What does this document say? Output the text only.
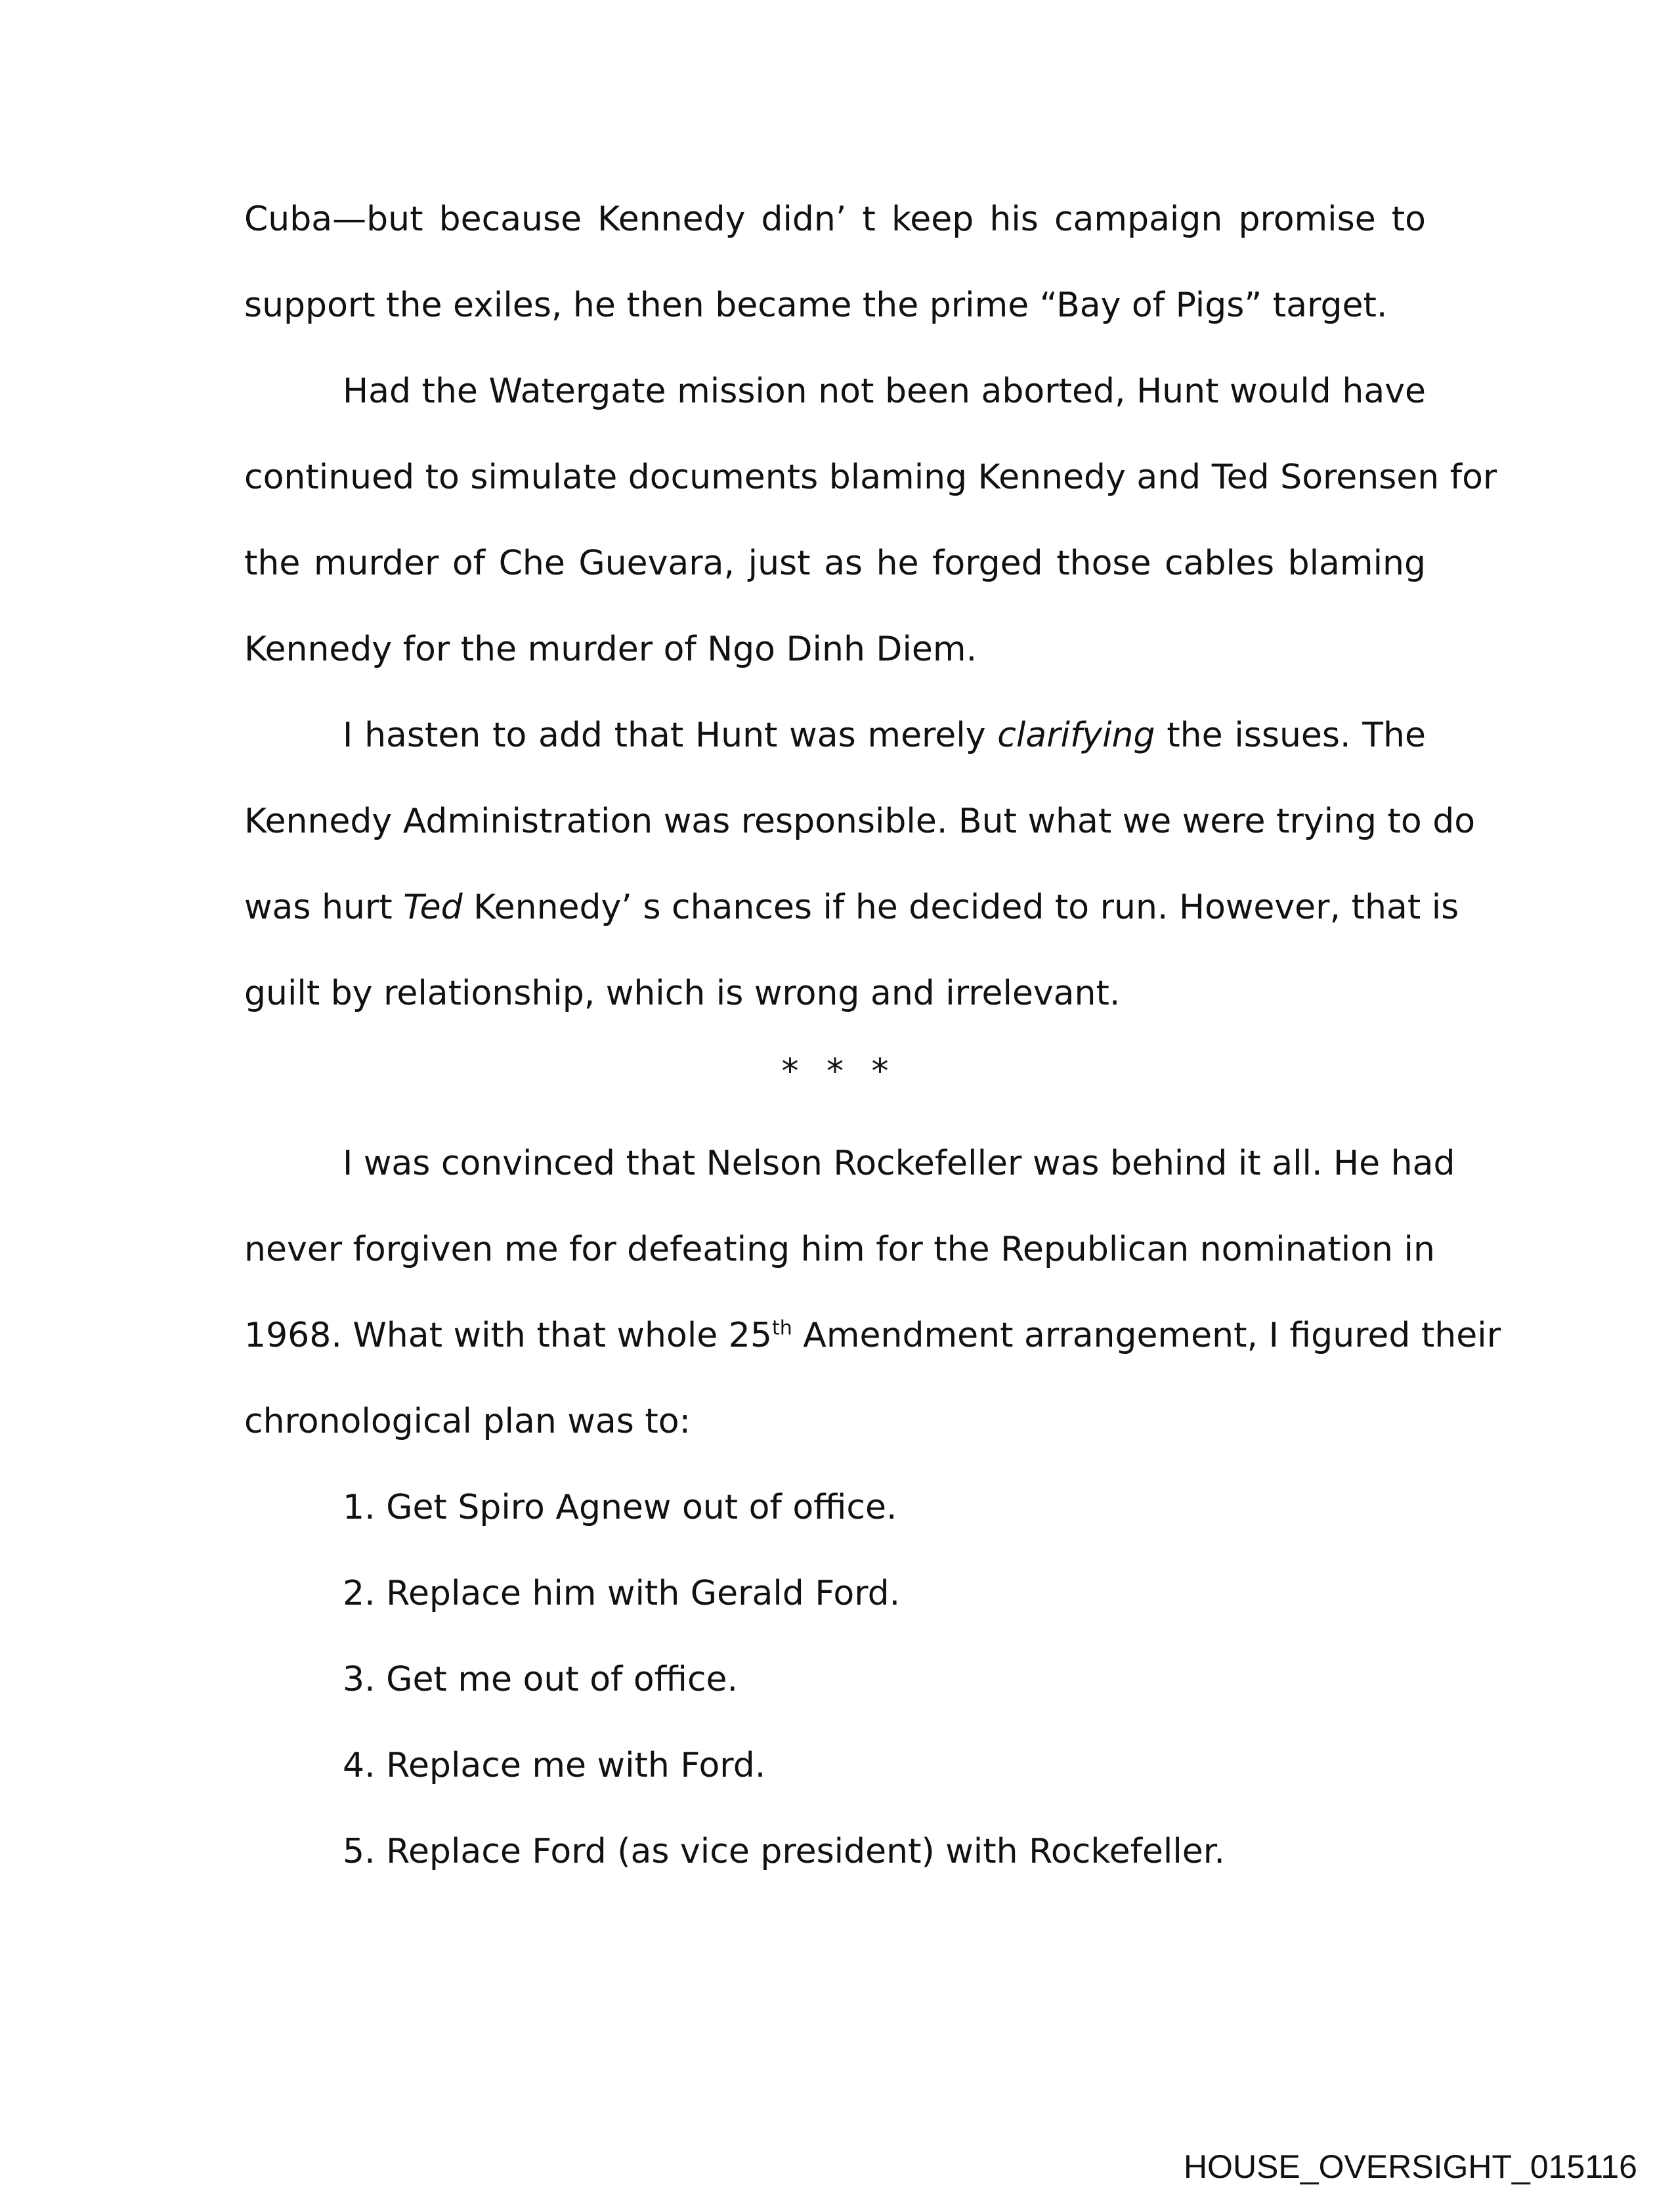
Cuba—but because Kennedy didn’ t keep his campaign promise to
support the exiles, he then became the prime “Bay of Pigs” target.
Had the Watergate mission not been aborted, Hunt would have
continued to simulate documents blaming Kennedy and Ted Sorensen for
the murder of Che Guevara, just as he forged those cables blaming
Kennedy for the murder of Ngo Dinh Diem.
I hasten to add that Hunt was merely clarifying the issues. The
Kennedy Administration was responsible. But what we were trying to do
was hurt Ted Kennedy’ s chances if he decided to run. However, that is
guilt by relationship, which is wrong and irrelevant.
* * *
I was convinced that Nelson Rockefeller was behind it all. He had
never forgiven me for defeating him for the Republican nomination in
1968. What with that whole 25th Amendment arrangement, I figured their
chronological plan was to:
1. Get Spiro Agnew out of office.
2. Replace him with Gerald Ford.
3. Get me out of office.
4. Replace me with Ford.
5. Replace Ford (as vice president) with Rockefeller.
HOUSE_OVERSIGHT_015116
